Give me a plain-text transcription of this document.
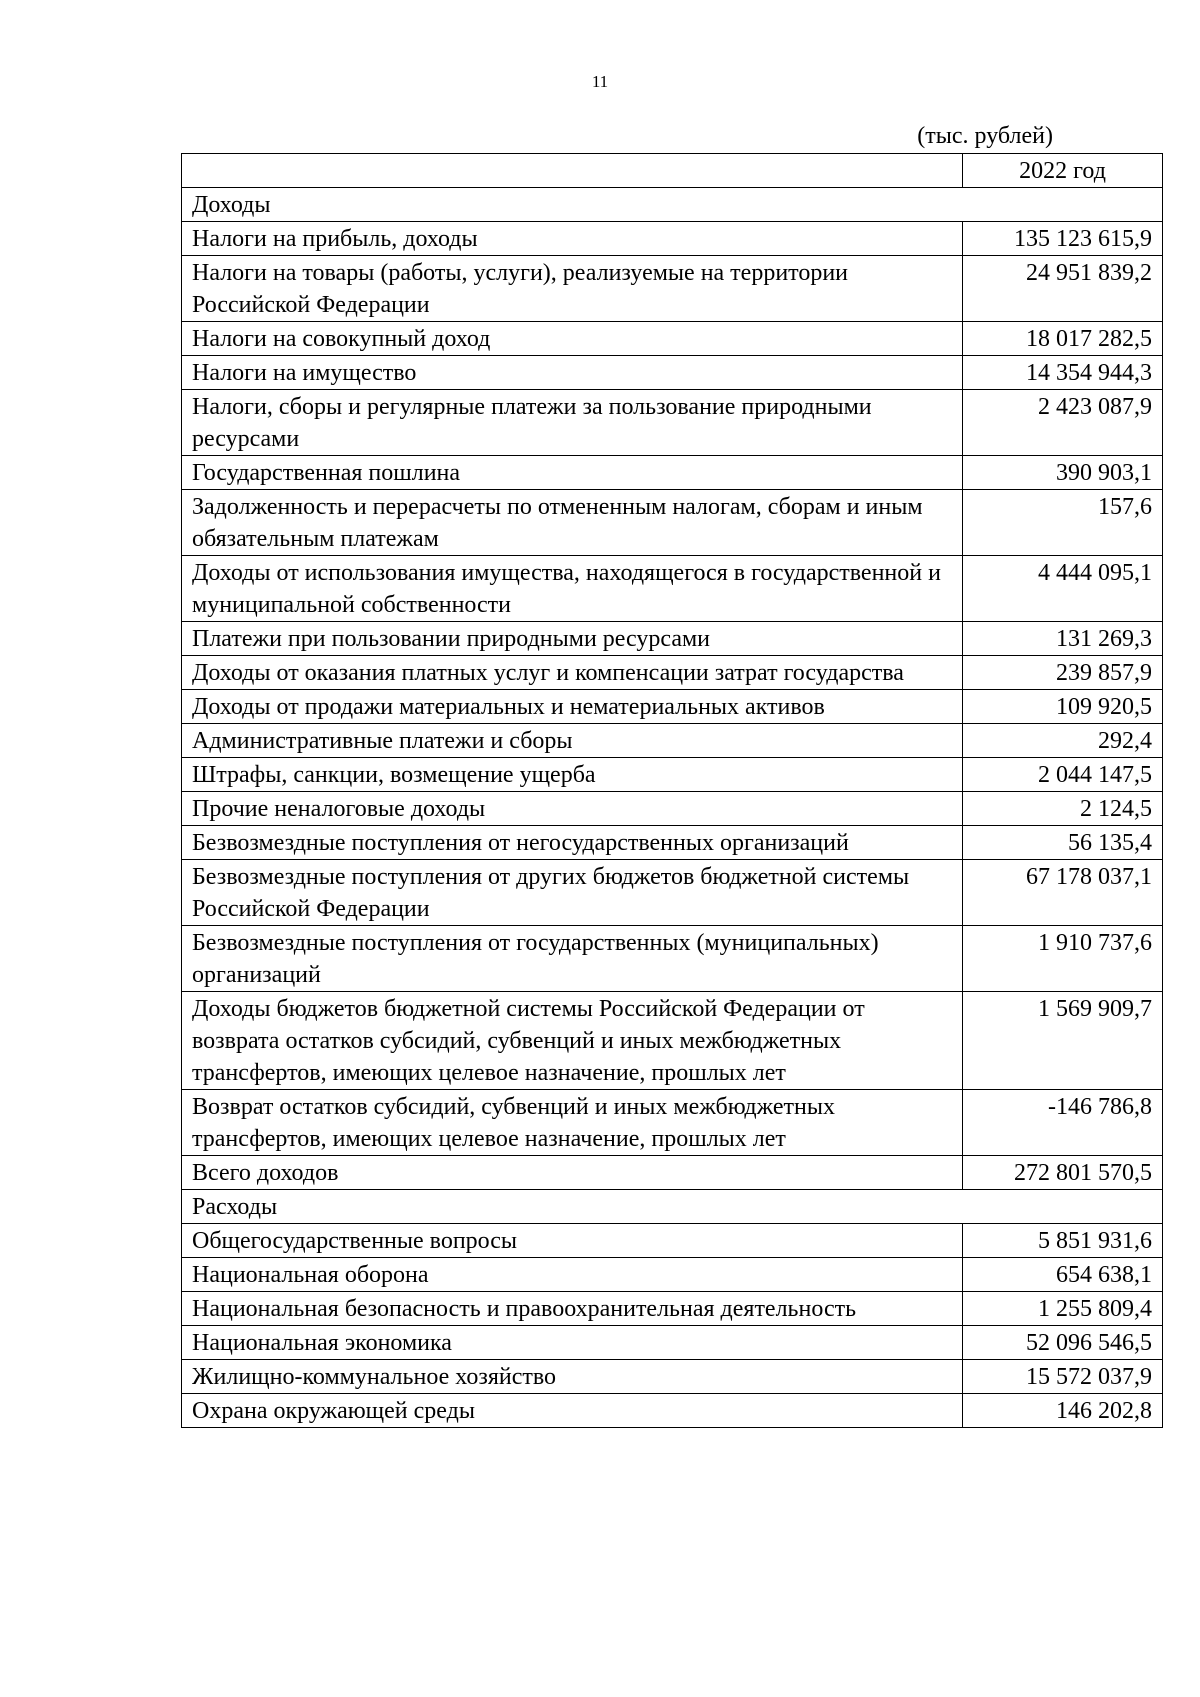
11
(тыс. рублей)
	2022 год
Доходы	
Налоги на прибыль, доходы	135 123 615,9
Налоги на товары (работы, услуги), реализуемые на территории Российской Федерации	24 951 839,2
Налоги на совокупный доход	18 017 282,5
Налоги на имущество	14 354 944,3
Налоги, сборы и регулярные платежи за пользование природными ресурсами	2 423 087,9
Государственная пошлина	390 903,1
Задолженность и перерасчеты по отмененным налогам, сборам и иным обязательным платежам	157,6
Доходы от использования имущества, находящегося в государственной и муниципальной собственности	4 444 095,1
Платежи при пользовании природными ресурсами	131 269,3
Доходы от оказания платных услуг и компенсации затрат государства	239 857,9
Доходы от продажи материальных и нематериальных активов	109 920,5
Административные платежи и сборы	292,4
Штрафы, санкции, возмещение ущерба	2 044 147,5
Прочие неналоговые доходы	2 124,5
Безвозмездные поступления от негосударственных организаций	56 135,4
Безвозмездные поступления от других бюджетов бюджетной системы Российской Федерации	67 178 037,1
Безвозмездные поступления от государственных (муниципальных) организаций	1 910 737,6
Доходы бюджетов бюджетной системы Российской Федерации от возврата остатков субсидий, субвенций и иных межбюджетных трансфертов, имеющих целевое назначение, прошлых лет	1 569 909,7
Возврат остатков субсидий, субвенций и иных межбюджетных трансфертов, имеющих целевое назначение, прошлых лет	-146 786,8
Всего доходов	272 801 570,5
Расходы	
Общегосударственные вопросы	5 851 931,6
Национальная оборона	654 638,1
Национальная безопасность и правоохранительная деятельность	1 255 809,4
Национальная экономика	52 096 546,5
Жилищно-коммунальное хозяйство	15 572 037,9
Охрана окружающей среды	146 202,8
